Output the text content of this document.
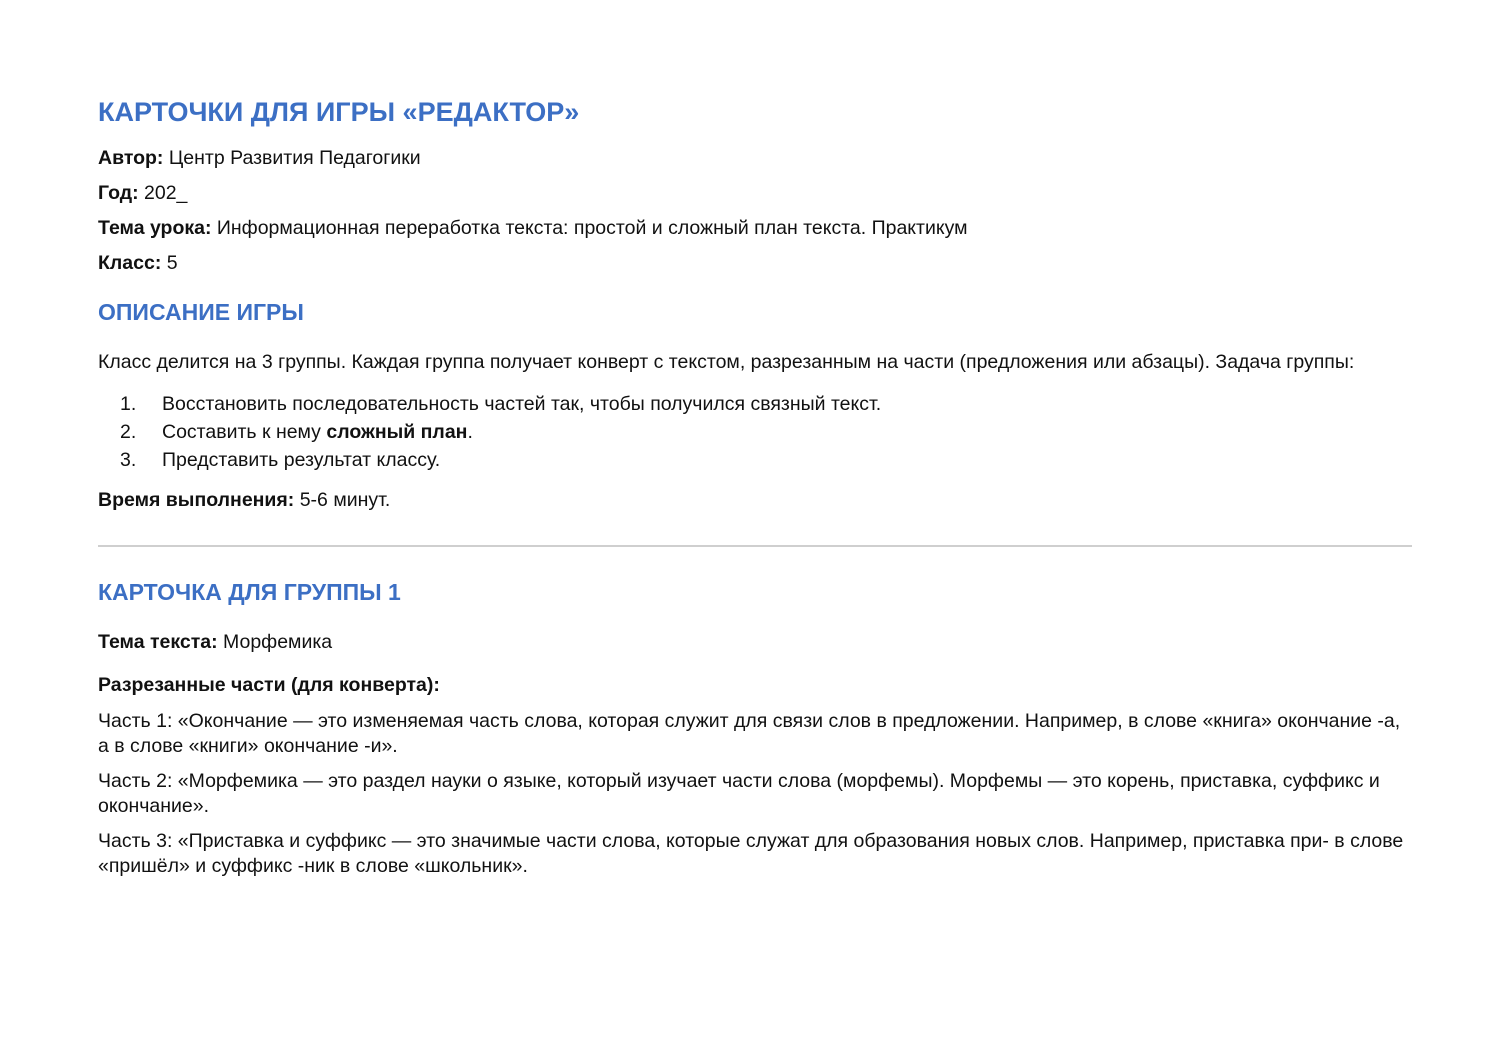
КАРТОЧКИ ДЛЯ ИГРЫ «РЕДАКТОР»

Автор: Центр Развития Педагогики

Год: 202_

Тема урока: Информационная переработка текста: простой и сложный план текста. Практикум

Класс: 5

ОПИСАНИЕ ИГРЫ

Класс делится на 3 группы. Каждая группа получает конверт с текстом, разрезанным на части (предложения или абзацы). Задача группы:

1.	Восстановить последовательность частей так, чтобы получился связный текст.
2.	Составить к нему сложный план.
3.	Представить результат классу.

Время выполнения: 5-6 минут.

КАРТОЧКА ДЛЯ ГРУППЫ 1

Тема текста: Морфемика

Разрезанные части (для конверта):

Часть 1: «Окончание — это изменяемая часть слова, которая служит для связи слов в предложении. Например, в слове «книга» окончание -а, а в слове «книги» окончание -и».

Часть 2: «Морфемика — это раздел науки о языке, который изучает части слова (морфемы). Морфемы — это корень, приставка, суффикс и окончание».

Часть 3: «Приставка и суффикс — это значимые части слова, которые служат для образования новых слов. Например, приставка при- в слове «пришёл» и суффикс -ник в слове «школьник».
